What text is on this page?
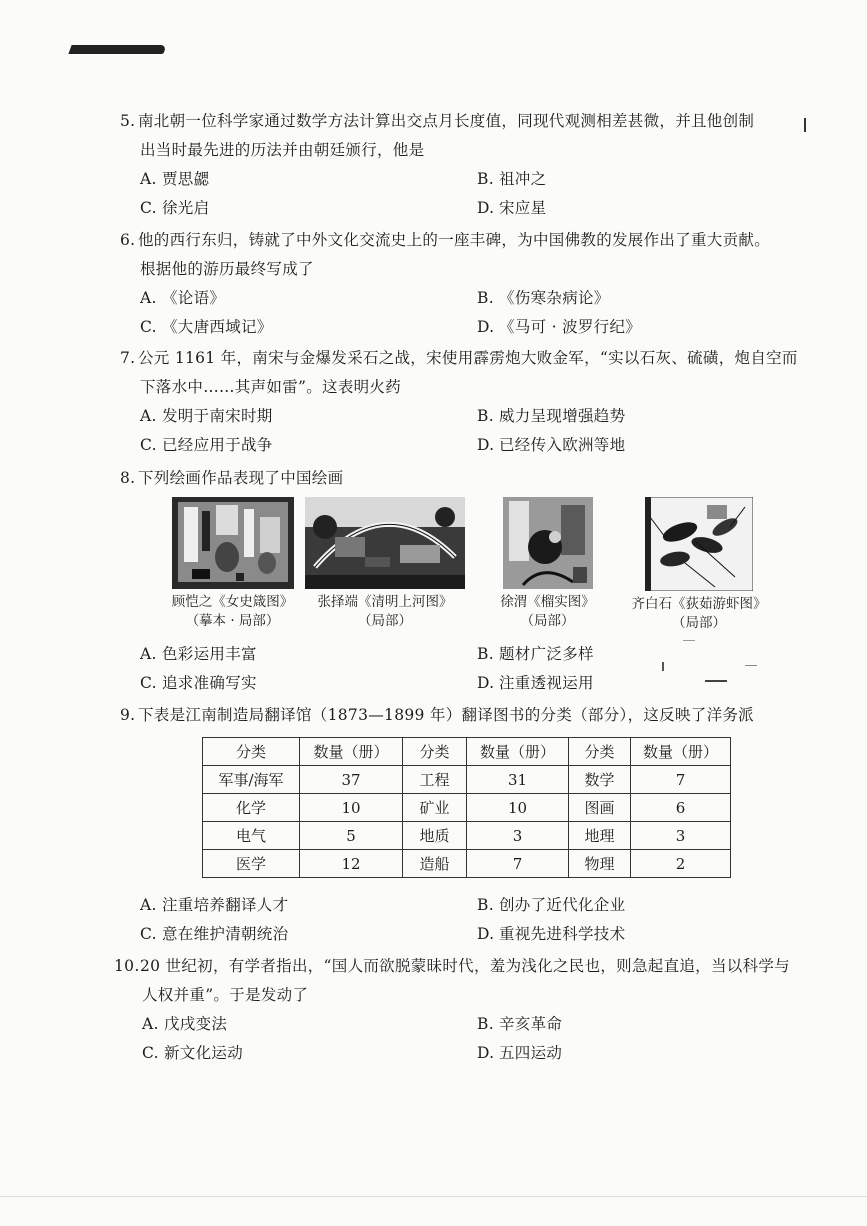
5. 南北朝一位科学家通过数学方法计算出交点月长度值，同现代观测相差甚微，并且他创制

出当时最先进的历法并由朝廷颁行，他是

A. 贾思勰	B. 祖冲之
C. 徐光启	D. 宋应星

6. 他的西行东归，铸就了中外文化交流史上的一座丰碑，为中国佛教的发展作出了重大贡献。

根据他的游历最终写成了

A. 《论语》	B. 《伤寒杂病论》
C. 《大唐西域记》	D. 《马可 · 波罗行纪》

7. 公元 1161 年，南宋与金爆发采石之战，宋使用霹雳炮大败金军，“实以石灰、硫磺，炮自空而

下落水中……其声如雷”。这表明火药

A. 发明于南宋时期	B. 威力呈现增强趋势
C. 已经应用于战争	D. 已经传入欧洲等地

8. 下列绘画作品表现了中国绘画

顾恺之《女史箴图》
（摹本 · 局部）
张择端《清明上河图》
（局部）
徐渭《榴实图》
（局部）
齐白石《荻茹游虾图》
（局部）
A. 色彩运用丰富	B. 题材广泛多样
C. 追求准确写实	D. 注重透视运用

9. 下表是江南制造局翻译馆（1873—1899 年）翻译图书的分类（部分），这反映了洋务派

分类	数量（册）	分类	数量（册）	分类	数量（册）
军事/海军	37	工程	31	数学	7
化学	10	矿业	10	图画	6
电气	5	地质	3	地理	3
医学	12	造船	7	物理	2
A. 注重培养翻译人才	B. 创办了近代化企业
C. 意在维护清朝统治	D. 重视先进科学技术

10.20 世纪初，有学者指出，“国人而欲脱蒙昧时代，羞为浅化之民也，则急起直追，当以科学与

人权并重”。于是发动了

A. 戊戌变法	B. 辛亥革命
C. 新文化运动	D. 五四运动
